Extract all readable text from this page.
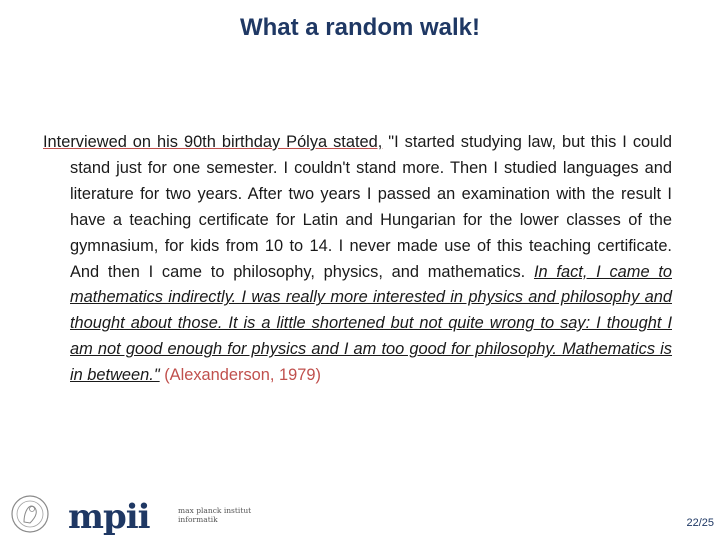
What a random walk!

Interviewed on his 90th birthday Pólya stated, "I started studying law, but this I could stand just for one semester. I couldn't stand more. Then I studied languages and literature for two years. After two years I passed an examination with the result I have a teaching certificate for Latin and Hungarian for the lower classes of the gymnasium, for kids from 10 to 14. I never made use of this teaching certificate. And then I came to philosophy, physics, and mathematics. In fact, I came to mathematics indirectly. I was really more interested in physics and philosophy and thought about those. It is a little shortened but not quite wrong to say: I thought I am not good enough for physics and I am too good for philosophy. Mathematics is in between." (Alexanderson, 1979)

mpii	max planck institut
informatik	22/25
